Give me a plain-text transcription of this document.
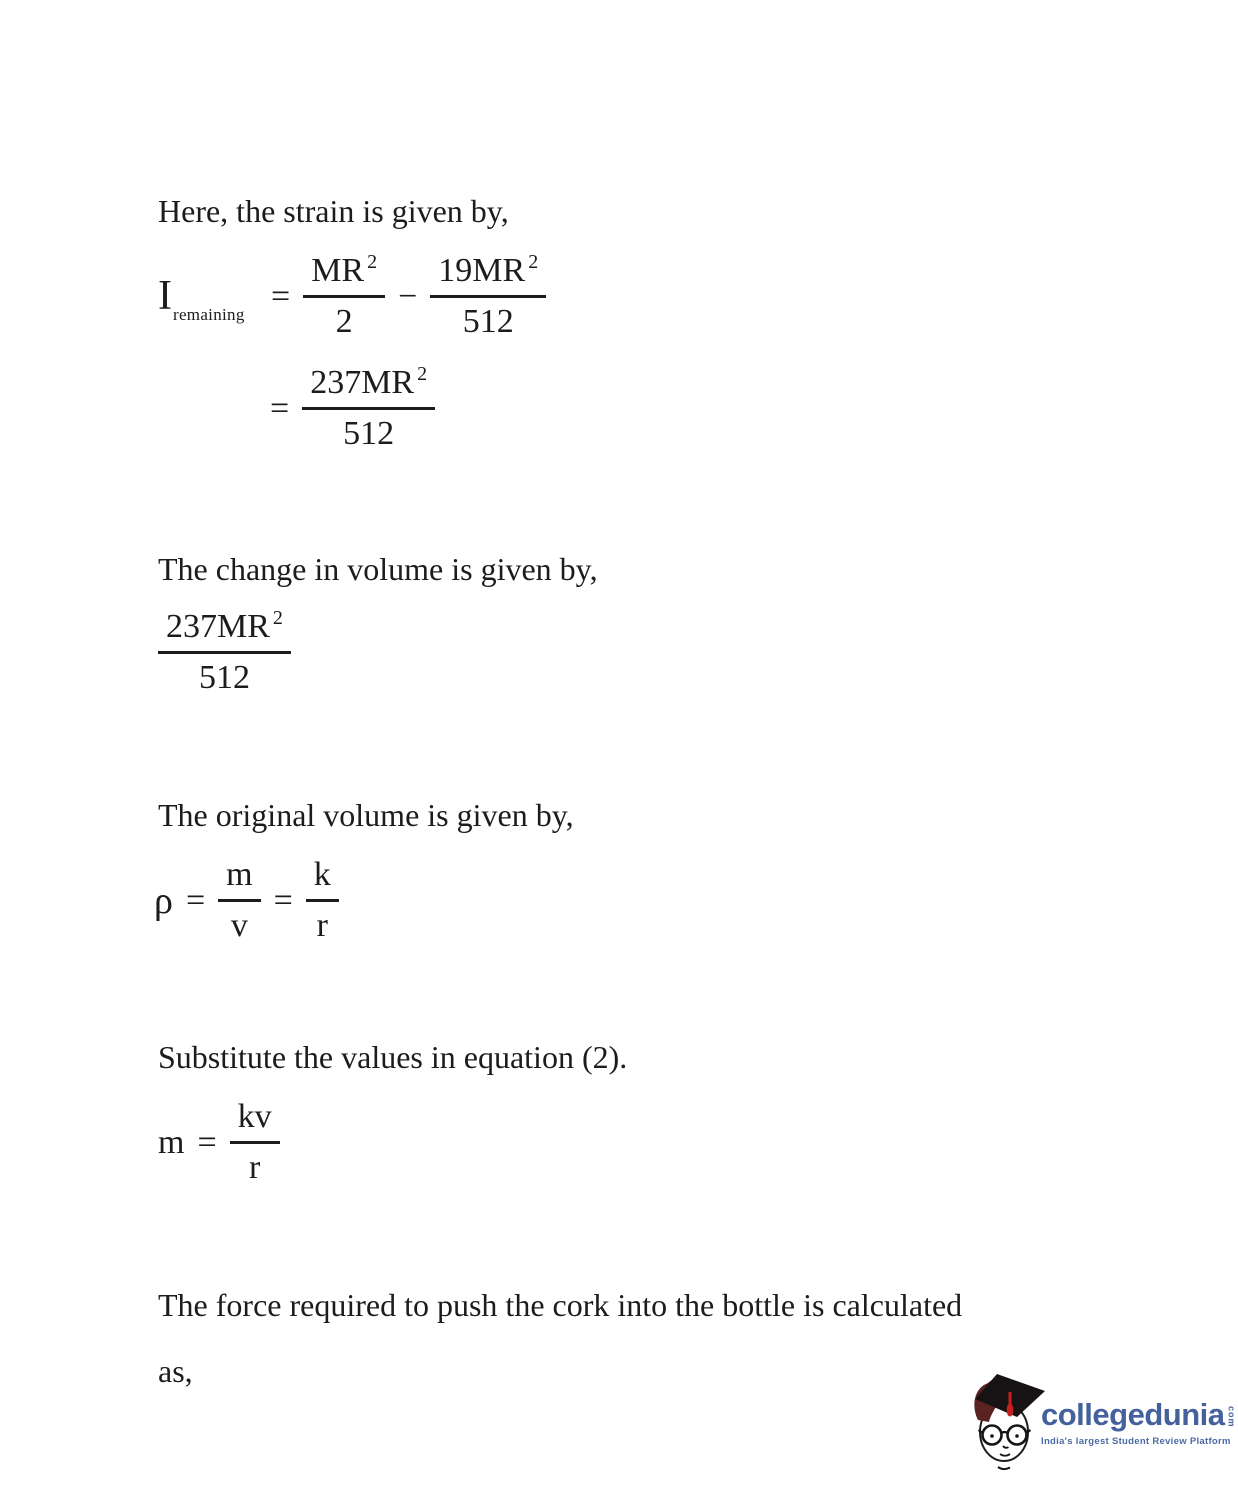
Here, the strain is given by,

$I_{remaining} = \frac{MR ^2}{2} - \frac{19MR ^2}{512}$
= $\frac{237MR ^2}{512}$

The change in volume is given by,

$\frac{237MR ^2}{512}$

The original volume is given by,

$\rho = \frac{m}{v} = \frac{k}{r}$

Substitute the values in equation (2).

$m = \frac{kv}{r}$
The force required to push the cork into the bottle is calculated
as,
collegedunia com
India's largest Student Review Platform
